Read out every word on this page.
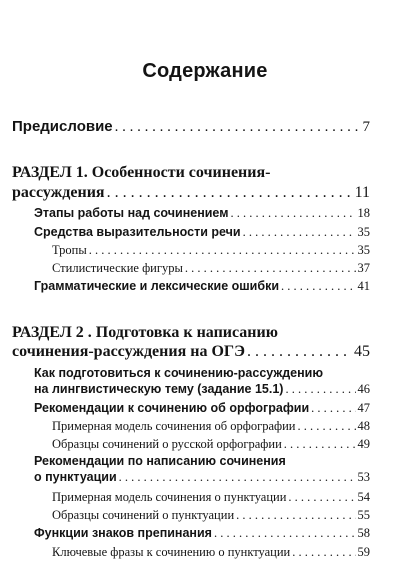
Содержание
Предисловие . . .	7
РАЗДЕЛ 1. Особенности сочинения-
рассуждения . . .	11
Этапы работы над сочинением . . .	18
Средства выразительности речи . . .	35
Тропы . . .	35
Стилистические фигуры . . .	37
Грамматические и лексические ошибки . . .	41
РАЗДЕЛ 2 . Подготовка к написанию
сочинения-рассуждения на ОГЭ . . .	45
Как подготовиться к сочинению-рассуждению
на лингвистическую тему (задание 15.1) . . .	46
Рекомендации к сочинению об орфографии . . .	47
Примерная модель сочинения об орфографии . . .	48
Образцы сочинений о русской орфографии . . .	49
Рекомендации по написанию сочинения
о пунктуации . . .	53
Примерная модель сочинения о пунктуации . . .	54
Образцы сочинений о пунктуации . . .	55
Функции знаков препинания . . .	58
Ключевые фразы к сочинению о пунктуации . . .	59
